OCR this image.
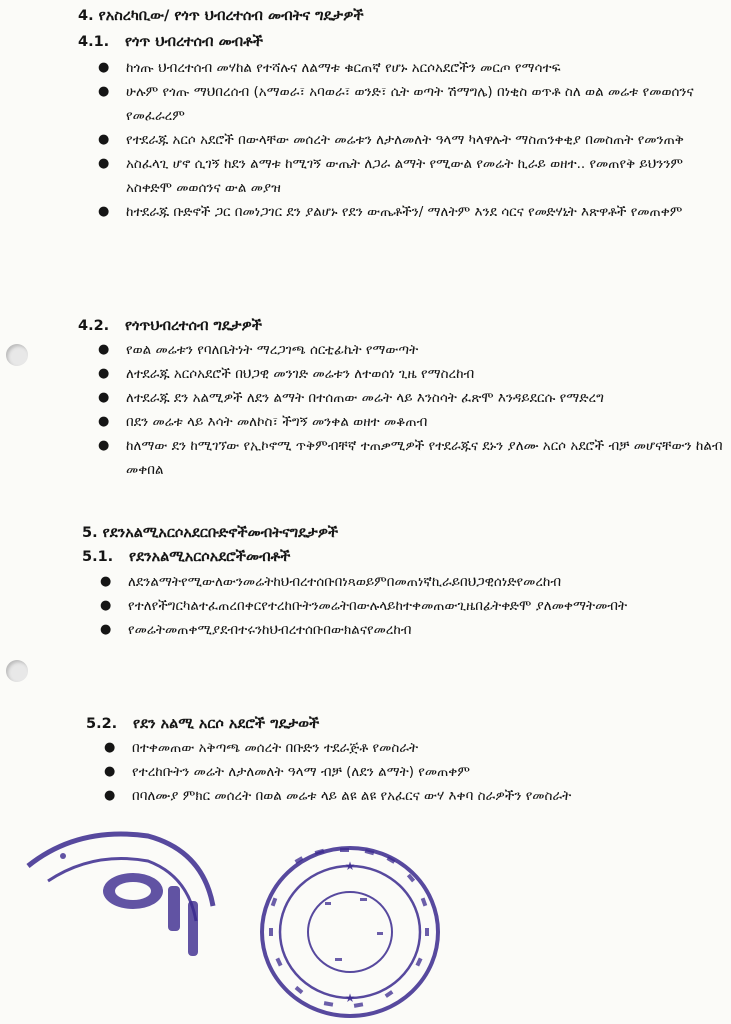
4. የአስረካቢው/ የጎጥ ህብረተሰብ መብትና ግዴታዎች
4.1. የጎጥ ህብረተሰብ መብቶች
● ከጎጡ ህብረተሰብ መሃከል የተሻሉና ለልማቱ ቁርጠኛ የሆኑ አርሶአደሮችን መርጦ የማሳተፍ
● ሁሉም የጎጡ ማህበረሰብ (አማወራ፣ አባወራ፣ ወንድ፣ ሴት ወጣት ሽማግሌ) በነቂስ ወጥቶ ስለ ወል መሬቱ የመወሰንና የመፈራረም
● የተደራጁ አርሶ አደሮች በውላቸው መሰረት መሬቱን ለታለመለት ዓላማ ካላዋሉት ማስጠንቀቂያ በመስጠት የመንጠቅ
● አስፈላጊ ሆኖ ሲገኝ ከደን ልማቱ ከሚገኝ ውጤት ለጋራ ልማት የሚውል የመሬት ኪራይ ወዘተ.. የመጠየቅ ይህንንም አስቀድሞ መወሰንና ውል መያዝ
● ከተደራጁ ቡድኖች ጋር በመነጋገር ደን ያልሆኑ የደን ውጤቶችን/ ማለትም እንደ ሳርና የመድሃኒት እጽዋቶች የመጠቀም
4.2. የጎጥህብረተሰብ ግዴታዎች
● የወል መሬቱን የባለቤትነት ማረጋገጫ ሰርቲፊኬት የማውጣት
● ለተደራጁ አርሶአደሮች በህጋዊ መንገድ መሬቱን ለተወሰነ ጊዜ የማስረከብ
● ለተደራጁ ደን አልሚዎች ለደን ልማት በተሰጠው መሬት ላይ እንስሳት ፈጽሞ እንዳይደርሱ የማድረግ
● በደን መሬቱ ላይ እሳት መለኮስ፣ ችግኝ መንቀል ወዘተ መቆጠብ
● ከለማው ደን ከሚገኘው የኢኮኖሚ ጥቅምብቸኛ ተጠቃሚዎች የተደራጁና ደኑን ያለሙ አርሶ አደሮች ብቻ መሆናቸውን ከልብ መቀበል
5. የደንአልሚአርሶአደርቡድኖችመብትናግዴታዎች
5.1. የደንአልሚአርሶአደሮችመብቶች
● ለደንልማትየሚውለውንመሬትከህብረተሰቡበነጻወይምበመጠነኛኪራይበህጋዊሰነድየመረከብ
● የተለየችግርካልተፈጠረበቀርየተረከቡትንመሬትበውሉላይከተቀመጠውጊዜበፊትቀድሞ ያለመቀማትመብት
● የመሬትመጠቀሚያደብተሩንከህብረተሰቡበውክልናየመረከብ
5.2. የደን አልሚ አርሶ አደሮች ግዴታወች
● በተቀመጠው አቅጣጫ መሰረት በቡድን ተደራጅቶ የመስራት
● የተረከቡትን መሬት ለታለመለት ዓላማ ብቻ (ለደን ልማት) የመጠቀም
● በባለሙያ ምክር መሰረት በወል መሬቱ ላይ ልዩ ልዩ የአፈርና ውሃ እቀባ ስራዎችን የመስራት
★
★
